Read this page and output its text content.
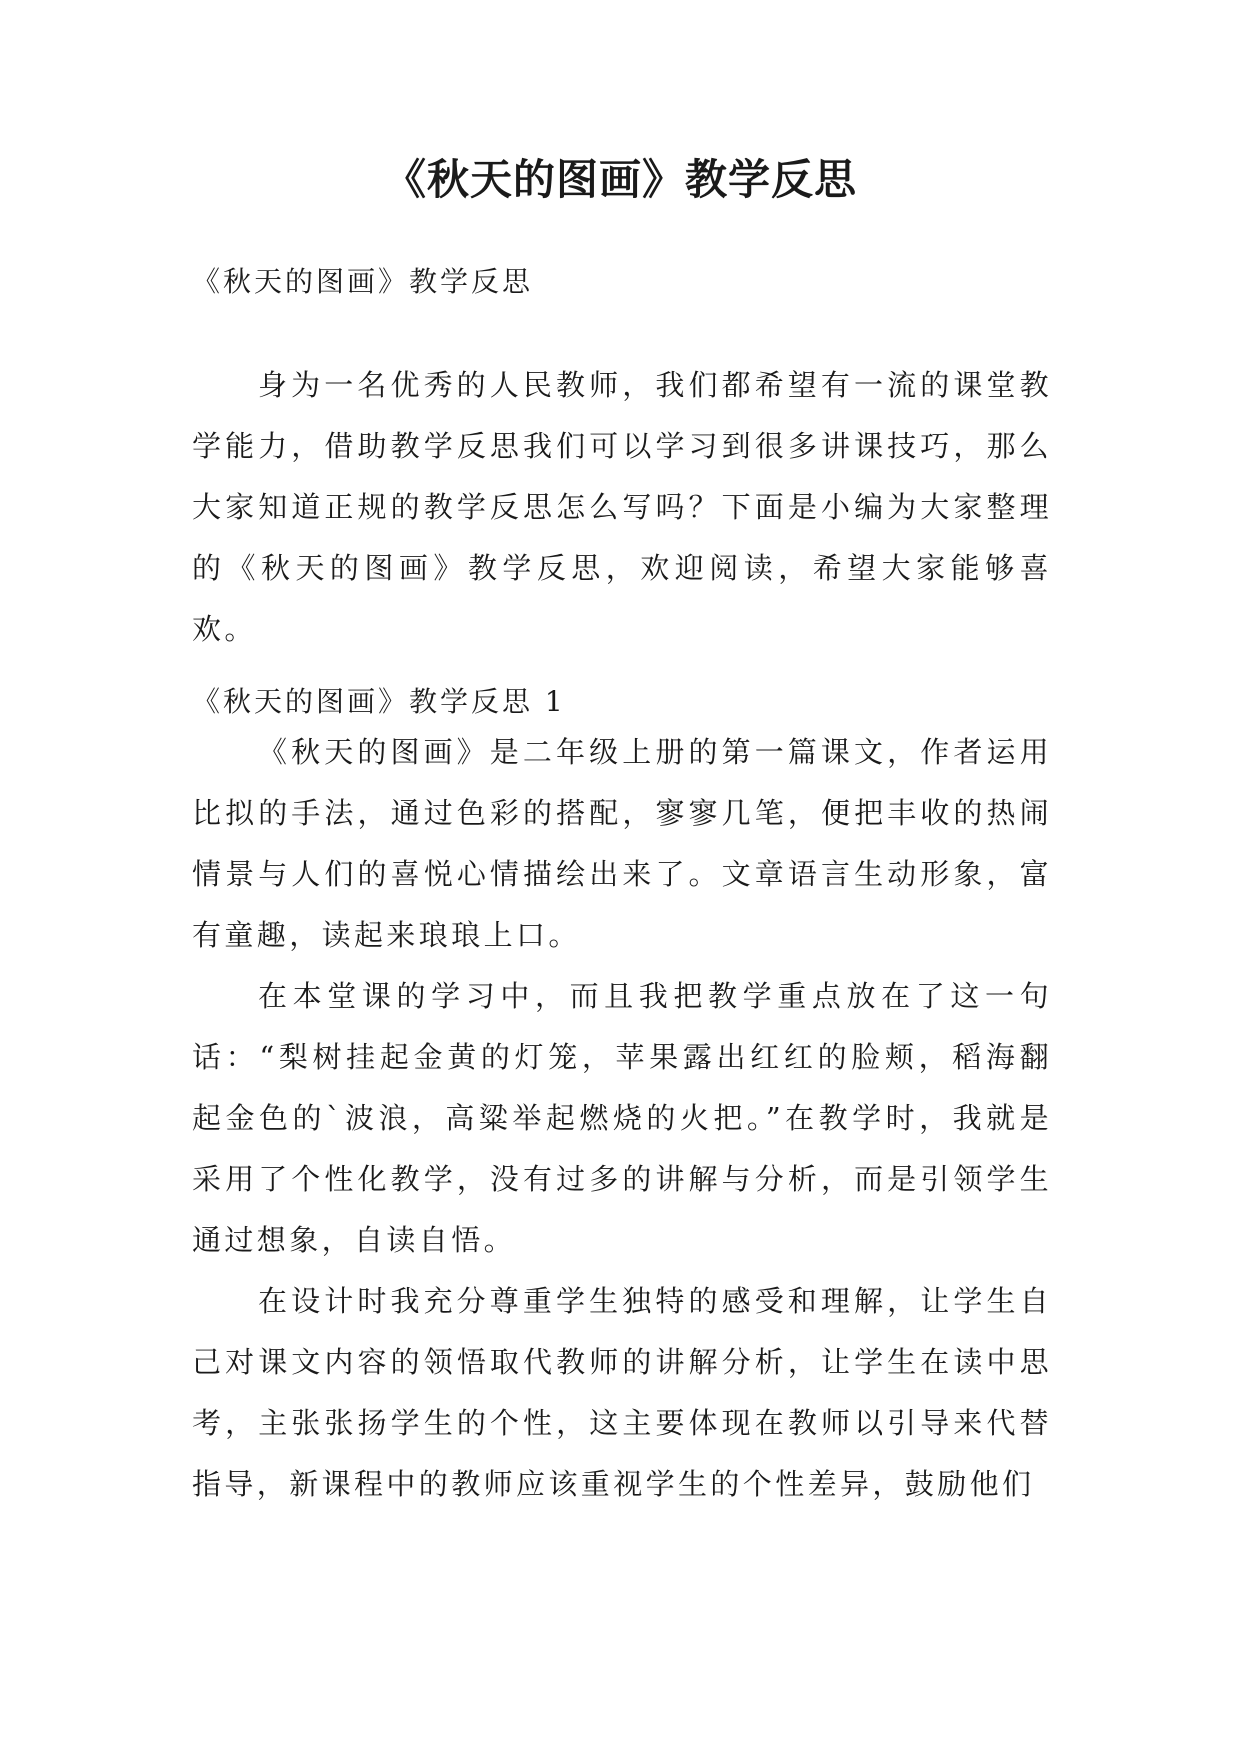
《秋天的图画》教学反思
《秋天的图画》教学反思
身为一名优秀的人民教师，我们都希望有一流的课堂教学能力，借助教学反思我们可以学习到很多讲课技巧，那么大家知道正规的教学反思怎么写吗？下面是小编为大家整理的《秋天的图画》教学反思，欢迎阅读，希望大家能够喜欢。
《秋天的图画》教学反思 1
《秋天的图画》是二年级上册的第一篇课文，作者运用比拟的手法，通过色彩的搭配，寥寥几笔，便把丰收的热闹情景与人们的喜悦心情描绘出来了。文章语言生动形象，富有童趣，读起来琅琅上口。
在本堂课的学习中，而且我把教学重点放在了这一句话：“梨树挂起金黄的灯笼，苹果露出红红的脸颊，稻海翻起金色的`波浪，高粱举起燃烧的火把。”在教学时，我就是采用了个性化教学，没有过多的讲解与分析，而是引领学生通过想象，自读自悟。
在设计时我充分尊重学生独特的感受和理解，让学生自己对课文内容的领悟取代教师的讲解分析，让学生在读中思考，主张张扬学生的个性，这主要体现在教师以引导来代替指导，新课程中的教师应该重视学生的个性差异，鼓励他们
